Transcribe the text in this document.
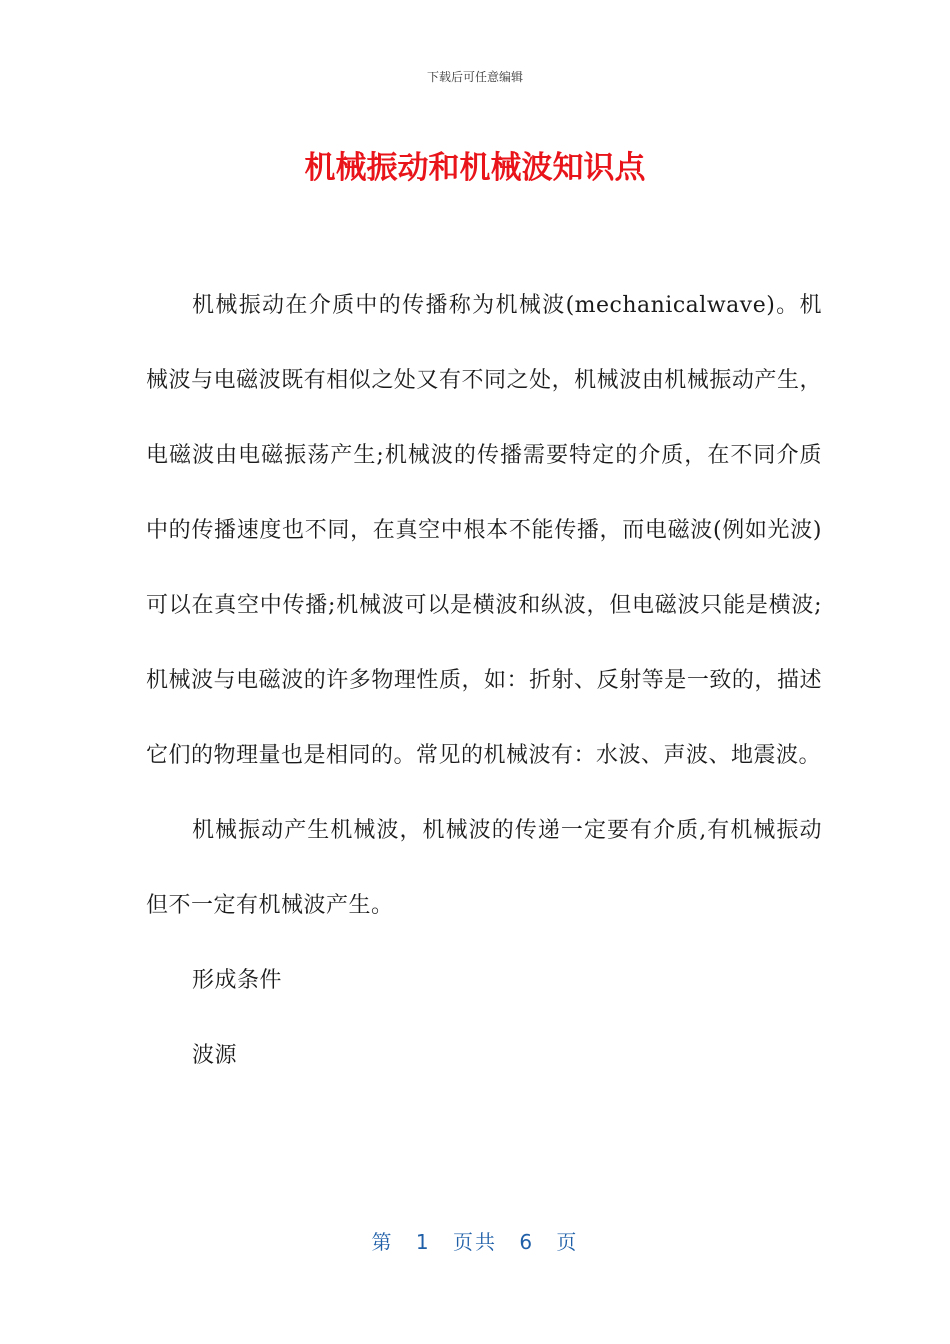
下载后可任意编辑
机械振动和机械波知识点

机械振动在介质中的传播称为机械波(mechanicalwave)。机械波与电磁波既有相似之处又有不同之处，机械波由机械振动产生，电磁波由电磁振荡产生;机械波的传播需要特定的介质，在不同介质中的传播速度也不同，在真空中根本不能传播，而电磁波(例如光波)可以在真空中传播;机械波可以是横波和纵波，但电磁波只能是横波;机械波与电磁波的许多物理性质，如：折射、反射等是一致的，描述它们的物理量也是相同的。常见的机械波有：水波、声波、地震波。

机械振动产生机械波，机械波的传递一定要有介质,有机械振动但不一定有机械波产生。

形成条件

波源

第 1 页共 6 页
